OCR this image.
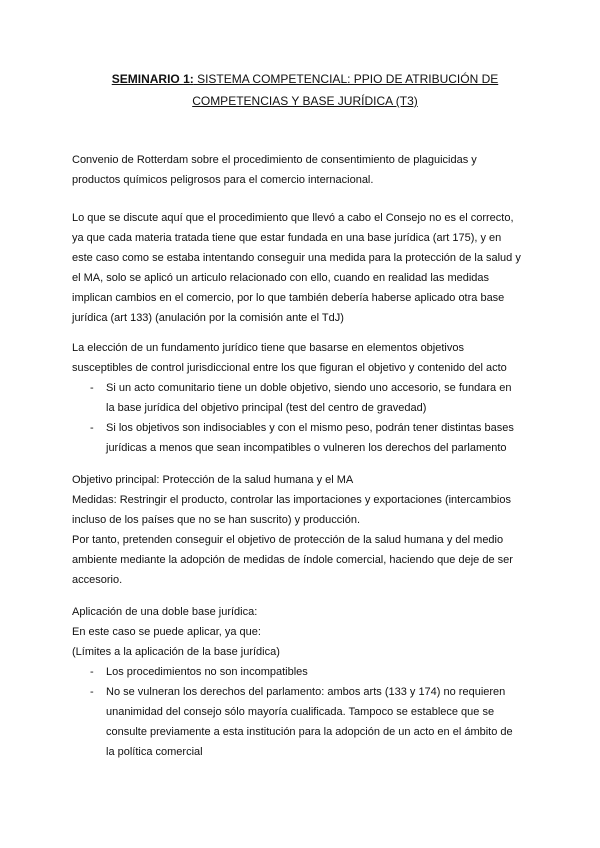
SEMINARIO 1: SISTEMA COMPETENCIAL: PPIO DE ATRIBUCIÓN DE
COMPETENCIAS Y BASE JURÍDICA (T3)
Convenio de Rotterdam sobre el procedimiento de consentimiento de plaguicidas y
productos químicos peligrosos para el comercio internacional.
Lo que se discute aquí que el procedimiento que llevó a cabo el Consejo no es el correcto,
ya que cada materia tratada tiene que estar fundada en una base jurídica (art 175), y en
este caso como se estaba intentando conseguir una medida para la protección de la salud y
el MA, solo se aplicó un articulo relacionado con ello, cuando en realidad las medidas
implican cambios en el comercio, por lo que también debería haberse aplicado otra base
jurídica (art 133) (anulación por la comisión ante el TdJ)
La elección de un fundamento jurídico tiene que basarse en elementos objetivos
susceptibles de control jurisdiccional entre los que figuran el objetivo y contenido del acto
- Si un acto comunitario tiene un doble objetivo, siendo uno accesorio, se fundara en
la base jurídica del objetivo principal (test del centro de gravedad)
- Si los objetivos son indisociables y con el mismo peso, podrán tener distintas bases
jurídicas a menos que sean incompatibles o vulneren los derechos del parlamento
Objetivo principal: Protección de la salud humana y el MA
Medidas: Restringir el producto, controlar las importaciones y exportaciones (intercambios
incluso de los países que no se han suscrito) y producción.
Por tanto, pretenden conseguir el objetivo de protección de la salud humana y del medio
ambiente mediante la adopción de medidas de índole comercial, haciendo que deje de ser
accesorio.
Aplicación de una doble base jurídica:
En este caso se puede aplicar, ya que:
(Límites a la aplicación de la base jurídica)
- Los procedimientos no son incompatibles
- No se vulneran los derechos del parlamento: ambos arts (133 y 174) no requieren
unanimidad del consejo sólo mayoría cualificada. Tampoco se establece que se
consulte previamente a esta institución para la adopción de un acto en el ámbito de
la política comercial
